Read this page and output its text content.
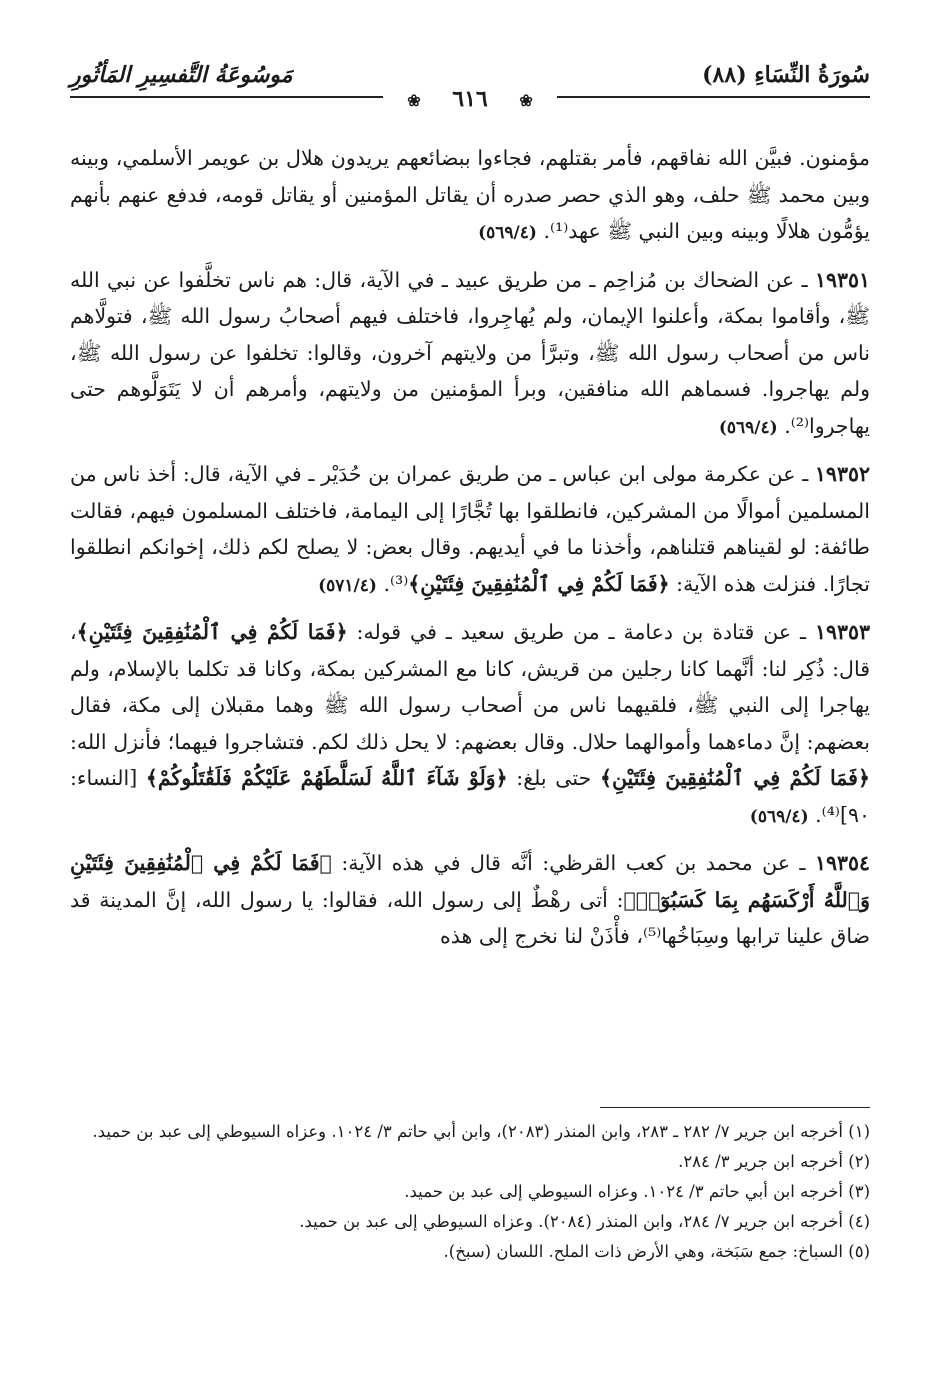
سُورَةُ النِّسَاءِ (٨٨)
مَوسُوعَةُ التَّفسِيرِ المَأثُورِ
❀ ٦١٦ ❀

مؤمنون. فبيَّن الله نفاقهم، فأمر بقتلهم، فجاءوا ببضائعهم يريدون هلال بن عويمر الأسلمي، وبينه وبين محمد ﷺ حلف، وهو الذي حصر صدره أن يقاتل المؤمنين أو يقاتل قومه، فدفع عنهم بأنهم يؤمُّون هلالًا وبينه وبين النبي ﷺ عهد⁽¹⁾. (٥٦٩/٤)

١٩٣٥١ ـ عن الضحاك بن مُزاحِم ـ من طريق عبيد ـ في الآية، قال: هم ناس تخلَّفوا عن نبي الله ﷺ، وأقاموا بمكة، وأعلنوا الإيمان، ولم يُهاجِروا، فاختلف فيهم أصحابُ رسول الله ﷺ، فتولَّاهم ناس من أصحاب رسول الله ﷺ، وتبرَّأ من ولايتهم آخرون، وقالوا: تخلفوا عن رسول الله ﷺ، ولم يهاجروا. فسماهم الله منافقين، وبرأ المؤمنين من ولايتهم، وأمرهم أن لا يَتَوَلَّوهم حتى يهاجروا⁽²⁾. (٥٦٩/٤)

١٩٣٥٢ ـ عن عكرمة مولى ابن عباس ـ من طريق عمران بن حُدَيْر ـ في الآية، قال: أخذ ناس من المسلمين أموالًا من المشركين، فانطلقوا بها تُجَّارًا إلى اليمامة، فاختلف المسلمون فيهم، فقالت طائفة: لو لقيناهم قتلناهم، وأخذنا ما في أيديهم. وقال بعض: لا يصلح لكم ذلك، إخوانكم انطلقوا تجارًا. فنزلت هذه الآية: ﴿فَمَا لَكُمْ فِي ٱلْمُنَٰفِقِينَ فِئَتَيْنِ﴾⁽³⁾. (٥٧١/٤)

١٩٣٥٣ ـ عن قتادة بن دعامة ـ من طريق سعيد ـ في قوله: ﴿فَمَا لَكُمْ فِي ٱلْمُنَٰفِقِينَ فِئَتَيْنِ﴾، قال: ذُكِر لنا: أنَّهما كانا رجلين من قريش، كانا مع المشركين بمكة، وكانا قد تكلما بالإسلام، ولم يهاجرا إلى النبي ﷺ، فلقيهما ناس من أصحاب رسول الله ﷺ وهما مقبلان إلى مكة، فقال بعضهم: إنَّ دماءهما وأموالهما حلال. وقال بعضهم: لا يحل ذلك لكم. فتشاجروا فيهما؛ فأنزل الله: ﴿فَمَا لَكُمْ فِي ٱلْمُنَٰفِقِينَ فِئَتَيْنِ﴾ حتى بلغ: ﴿وَلَوْ شَآءَ ٱللَّهُ لَسَلَّطَهُمْ عَلَيْكُمْ فَلَقَٰتَلُوكُمْ﴾ [النساء: ٩٠]⁽⁴⁾. (٥٦٩/٤)

١٩٣٥٤ ـ عن محمد بن كعب القرظي: أنَّه قال في هذه الآية: ﴿فَمَا لَكُمْ فِي ٱلْمُنَٰفِقِينَ فِئَتَيْنِ وَٱللَّهُ أَرْكَسَهُم بِمَا كَسَبُوٓا۟﴾: أتى رهْطٌ إلى رسول الله، فقالوا: يا رسول الله، إنَّ المدينة قد ضاق علينا ترابها وسِبَاخُها⁽⁵⁾، فأْذَنْ لنا نخرج إلى هذه

(١) أخرجه ابن جرير ٧/ ٢٨٢ ـ ٢٨٣، وابن المنذر (٢٠٨٣)، وابن أبي حاتم ٣/ ١٠٢٤. وعزاه السيوطي إلى عبد بن حميد.

(٢) أخرجه ابن جرير ٣/ ٢٨٤.

(٣) أخرجه ابن أبي حاتم ٣/ ١٠٢٤. وعزاه السيوطي إلى عبد بن حميد.

(٤) أخرجه ابن جرير ٧/ ٢٨٤، وابن المنذر (٢٠٨٤). وعزاه السيوطي إلى عبد بن حميد.

(٥) السباخ: جمع سَبَخة، وهي الأرض ذات الملح. اللسان (سبخ).
